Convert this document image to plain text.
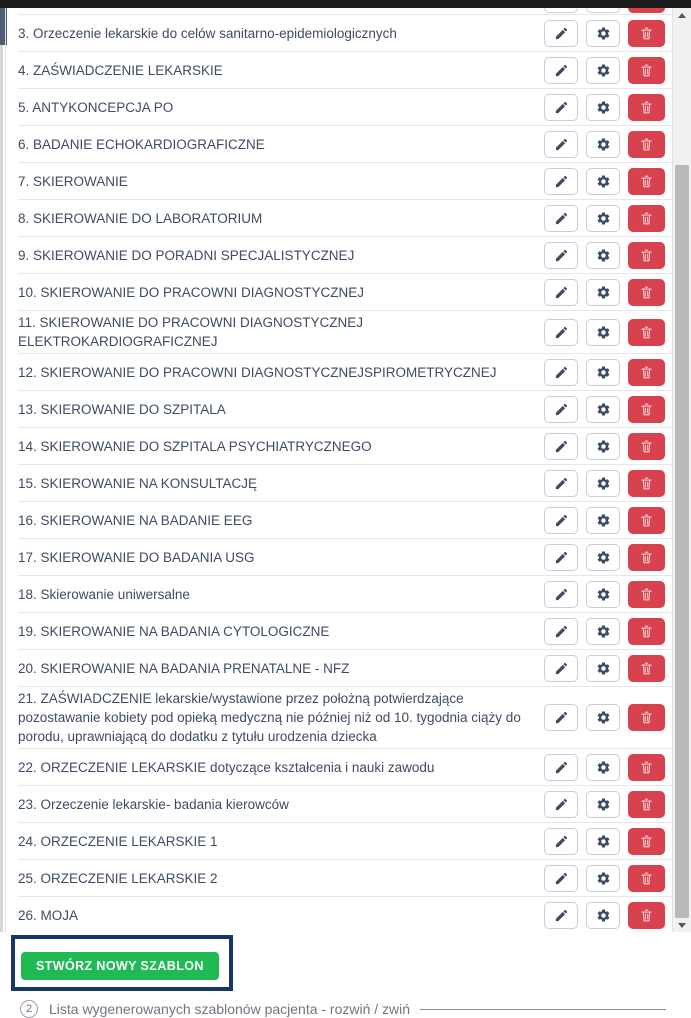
3. Orzeczenie lekarskie do celów sanitarno-epidemiologicznych
4. ZAŚWIADCZENIE LEKARSKIE
5. ANTYKONCEPCJA PO
6. BADANIE ECHOKARDIOGRAFICZNE
7. SKIEROWANIE
8. SKIEROWANIE DO LABORATORIUM
9. SKIEROWANIE DO PORADNI SPECJALISTYCZNEJ
10. SKIEROWANIE DO PRACOWNI DIAGNOSTYCZNEJ
11. SKIEROWANIE DO PRACOWNI DIAGNOSTYCZNEJ ELEKTROKARDIOGRAFICZNEJ
12. SKIEROWANIE DO PRACOWNI DIAGNOSTYCZNEJSPIROMETRYCZNEJ
13. SKIEROWANIE DO SZPITALA
14. SKIEROWANIE DO SZPITALA PSYCHIATRYCZNEGO
15. SKIEROWANIE NA KONSULTACJĘ
16. SKIEROWANIE NA BADANIE EEG
17. SKIEROWANIE DO BADANIA USG
18. Skierowanie uniwersalne
19. SKIEROWANIE NA BADANIA CYTOLOGICZNE
20. SKIEROWANIE NA BADANIA PRENATALNE - NFZ
21. ZAŚWIADCZENIE lekarskie/wystawione przez położną potwierdzające pozostawanie kobiety pod opieką medyczną nie później niż od 10. tygodnia ciąży do porodu, uprawniającą do dodatku z tytułu urodzenia dziecka
22. ORZECZENIE LEKARSKIE dotyczące kształcenia i nauki zawodu
23. Orzeczenie lekarskie- badania kierowców
24. ORZECZENIE LEKARSKIE 1
25. ORZECZENIE LEKARSKIE 2
26. MOJA
STWÓRZ NOWY SZABLON
2	Lista wygenerowanych szablonów pacjenta - rozwiń / zwiń
